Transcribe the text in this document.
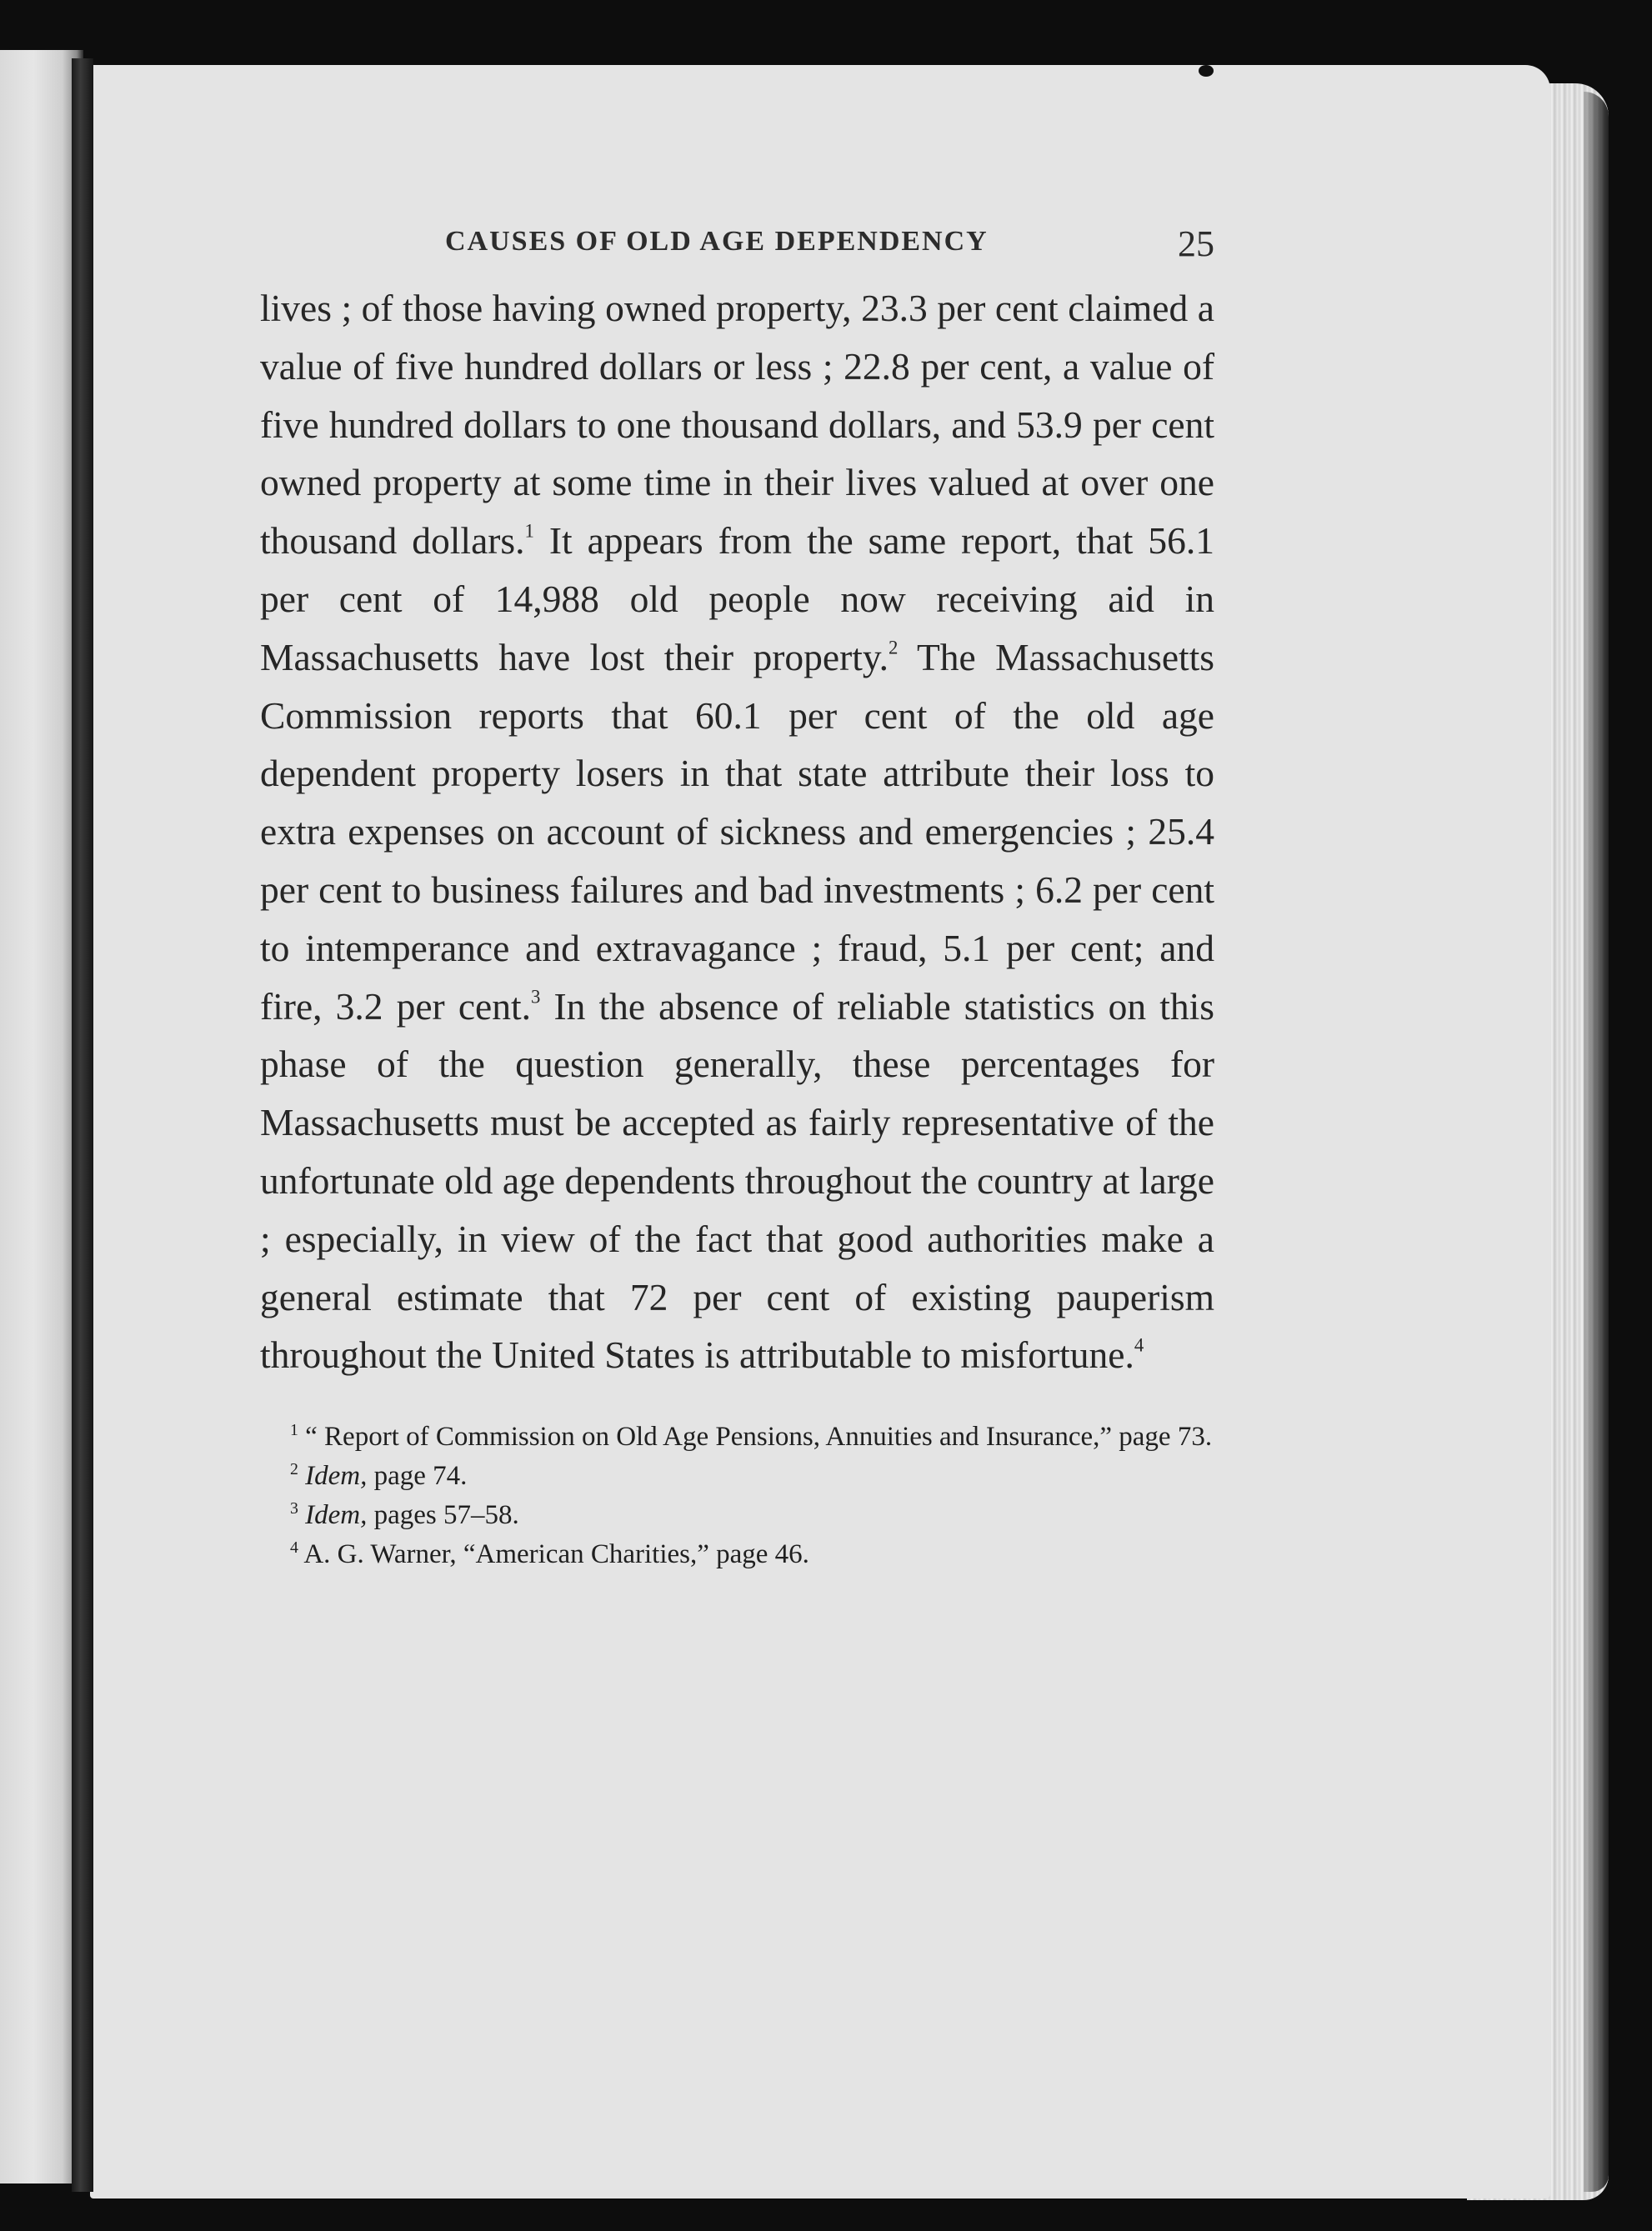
CAUSES OF OLD AGE DEPENDENCY	25

lives ; of those having owned property, 23.3 per cent claimed a value of five hundred dollars or less ; 22.8 per cent, a value of five hundred dollars to one thousand dollars, and 53.9 per cent owned property at some time in their lives valued at over one thousand dollars.$^1$ It appears from the same report, that 56.1 per cent of 14,988 old people now receiving aid in Massachusetts have lost their property.$^2$ The Massachusetts Commission reports that 60.1 per cent of the old age dependent property losers in that state attribute their loss to extra expenses on account of sickness and emergencies ; 25.4 per cent to business failures and bad investments ; 6.2 per cent to intemperance and extravagance ; fraud, 5.1 per cent; and fire, 3.2 per cent.$^3$ In the absence of reliable statistics on this phase of the question generally, these percentages for Massachusetts must be accepted as fairly representative of the unfortunate old age dependents throughout the country at large ; especially, in view of the fact that good authorities make a general estimate that 72 per cent of existing pauperism throughout the United States is attributable to misfortune.$^4$

$^1$ “ Report of Commission on Old Age Pensions, Annuities and Insurance,” page 73.

$^2$ Idem, page 74.

$^3$ Idem, pages 57–58.

$^4$ A. G. Warner, “American Charities,” page 46.
